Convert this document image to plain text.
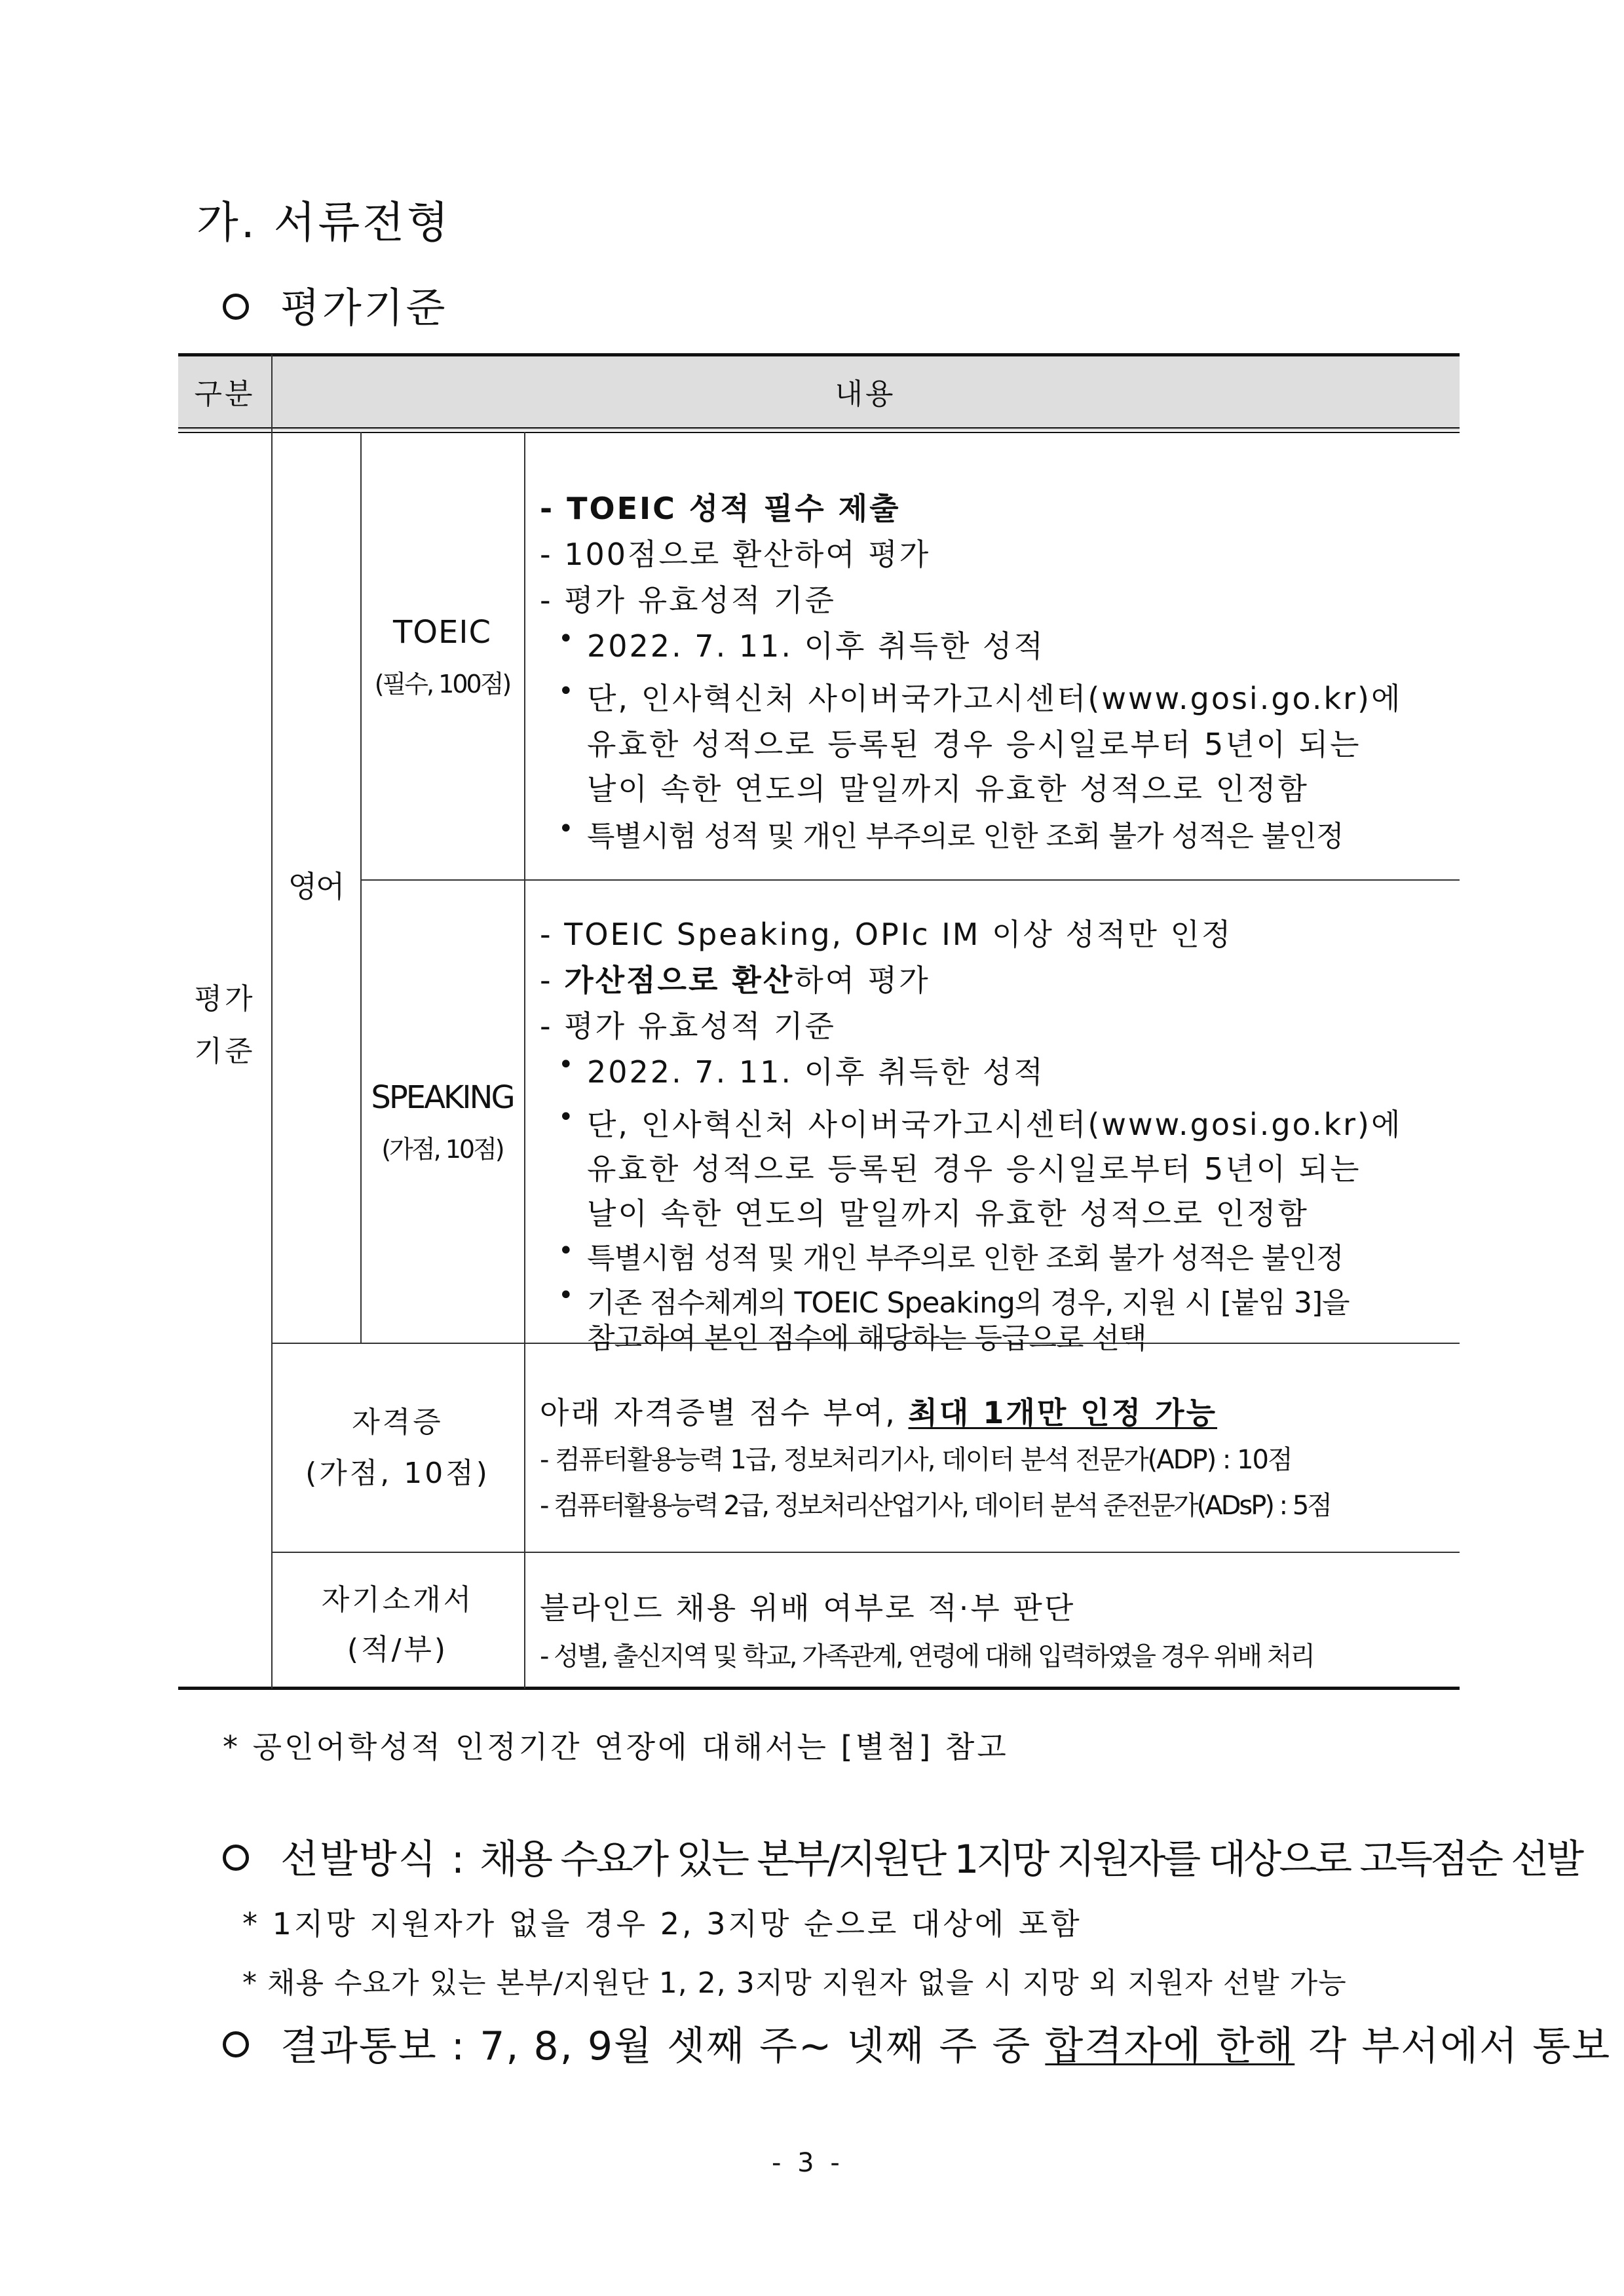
가. 서류전형
평가기준
구분	내용
평가
기준
영어
TOEIC
(필수, 100점)
- TOEIC 성적 필수 제출
- 100점으로 환산하여 평가
- 평가 유효성적 기준
• 2022. 7. 11. 이후 취득한 성적
• 단, 인사혁신처 사이버국가고시센터(www.gosi.go.kr)에
유효한 성적으로 등록된 경우 응시일로부터 5년이 되는
날이 속한 연도의 말일까지 유효한 성적으로 인정함
• 특별시험 성적 및 개인 부주의로 인한 조회 불가 성적은 불인정
SPEAKING
(가점, 10점)
- TOEIC Speaking, OPIc IM 이상 성적만 인정
- 가산점으로 환산하여 평가
- 평가 유효성적 기준
• 2022. 7. 11. 이후 취득한 성적
• 단, 인사혁신처 사이버국가고시센터(www.gosi.go.kr)에
유효한 성적으로 등록된 경우 응시일로부터 5년이 되는
날이 속한 연도의 말일까지 유효한 성적으로 인정함
• 특별시험 성적 및 개인 부주의로 인한 조회 불가 성적은 불인정
• 기존 점수체계의 TOEIC Speaking의 경우, 지원 시 [붙임 3]을
참고하여 본인 점수에 해당하는 등급으로 선택
자격증
(가점, 10점)
아래 자격증별 점수 부여, 최대 1개만 인정 가능
- 컴퓨터활용능력 1급, 정보처리기사, 데이터 분석 전문가(ADP) : 10점
- 컴퓨터활용능력 2급, 정보처리산업기사, 데이터 분석 준전문가(ADsP) : 5점
자기소개서
(적/부)
블라인드 채용 위배 여부로 적·부 판단
- 성별, 출신지역 및 학교, 가족관계, 연령에 대해 입력하였을 경우 위배 처리
* 공인어학성적 인정기간 연장에 대해서는 [별첨] 참고
선발방식 : 채용 수요가 있는 본부/지원단 1지망 지원자를 대상으로 고득점순 선발
* 1지망 지원자가 없을 경우 2, 3지망 순으로 대상에 포함
* 채용 수요가 있는 본부/지원단 1, 2, 3지망 지원자 없을 시 지망 외 지원자 선발 가능
결과통보 : 7, 8, 9월 셋째 주~ 넷째 주 중 합격자에 한해 각 부서에서 통보
- 3 -
